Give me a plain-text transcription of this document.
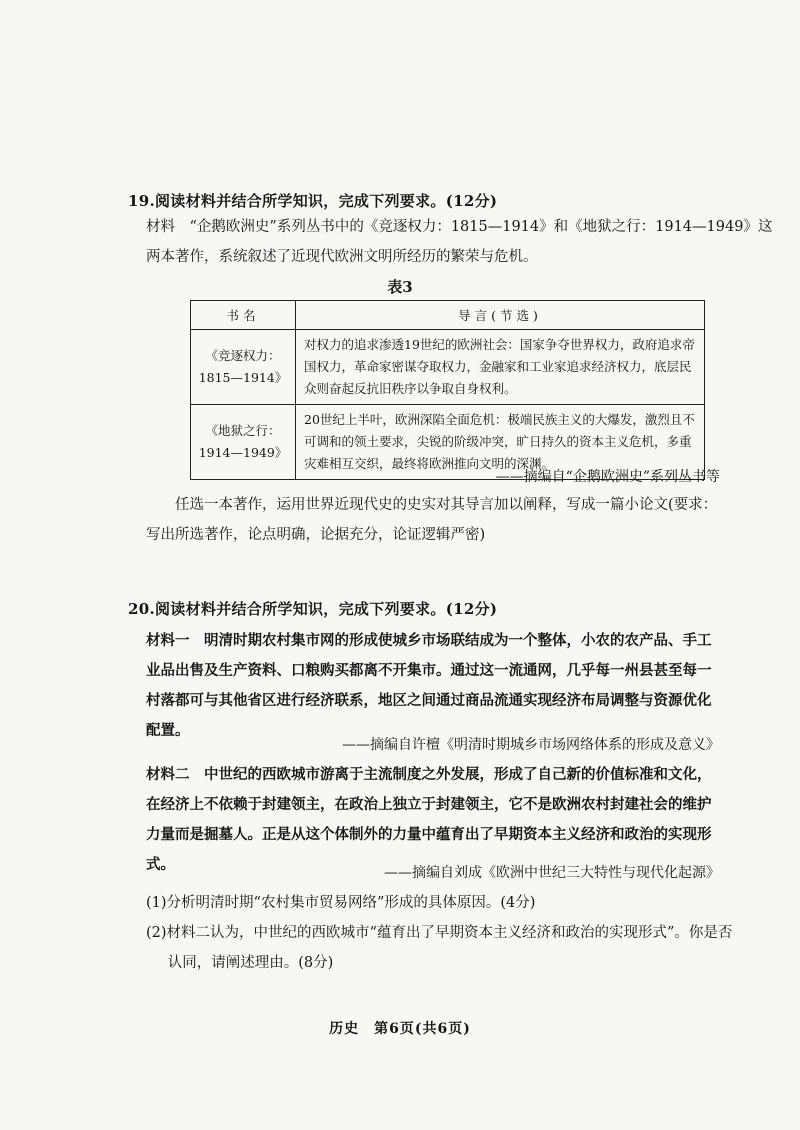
19.阅读材料并结合所学知识，完成下列要求。(12分)
材料　“企鹅欧洲史”系列丛书中的《竞逐权力：1815—1914》和《地狱之行：1914—1949》这
两本著作，系统叙述了近现代欧洲文明所经历的繁荣与危机。
表3
书名	导言(节选)

《竞逐权力：
1815—1914》	对权力的追求渗透19世纪的欧洲社会：国家争夺世界权力，政府追求帝国权力，革命家密谋夺取权力，金融家和工业家追求经济权力，底层民众则奋起反抗旧秩序以争取自身权利。

《地狱之行：
1914—1949》	20世纪上半叶，欧洲深陷全面危机：极端民族主义的大爆发，激烈且不可调和的领土要求，尖锐的阶级冲突，旷日持久的资本主义危机，多重灾难相互交织，最终将欧洲推向文明的深渊。
——摘编自“企鹅欧洲史”系列丛书等
任选一本著作，运用世界近现代史的史实对其导言加以阐释，写成一篇小论文(要求：写出所选著作，论点明确，论据充分，论证逻辑严密)
20.阅读材料并结合所学知识，完成下列要求。(12分)
材料一　明清时期农村集市网的形成使城乡市场联结成为一个整体，小农的农产品、手工业品出售及生产资料、口粮购买都离不开集市。通过这一流通网，几乎每一州县甚至每一村落都可与其他省区进行经济联系，地区之间通过商品流通实现经济布局调整与资源优化配置。
——摘编自许檀《明清时期城乡市场网络体系的形成及意义》
材料二　中世纪的西欧城市游离于主流制度之外发展，形成了自己新的价值标准和文化，在经济上不依赖于封建领主，在政治上独立于封建领主，它不是欧洲农村封建社会的维护力量而是掘墓人。正是从这个体制外的力量中蕴育出了早期资本主义经济和政治的实现形式。	——摘编自刘成《欧洲中世纪三大特性与现代化起源》
(1)分析明清时期“农村集市贸易网络”形成的具体原因。(4分)
(2)材料二认为，中世纪的西欧城市“蕴育出了早期资本主义经济和政治的实现形式”。你是否认同，请阐述理由。(8分)
历史　第6页(共6页)
